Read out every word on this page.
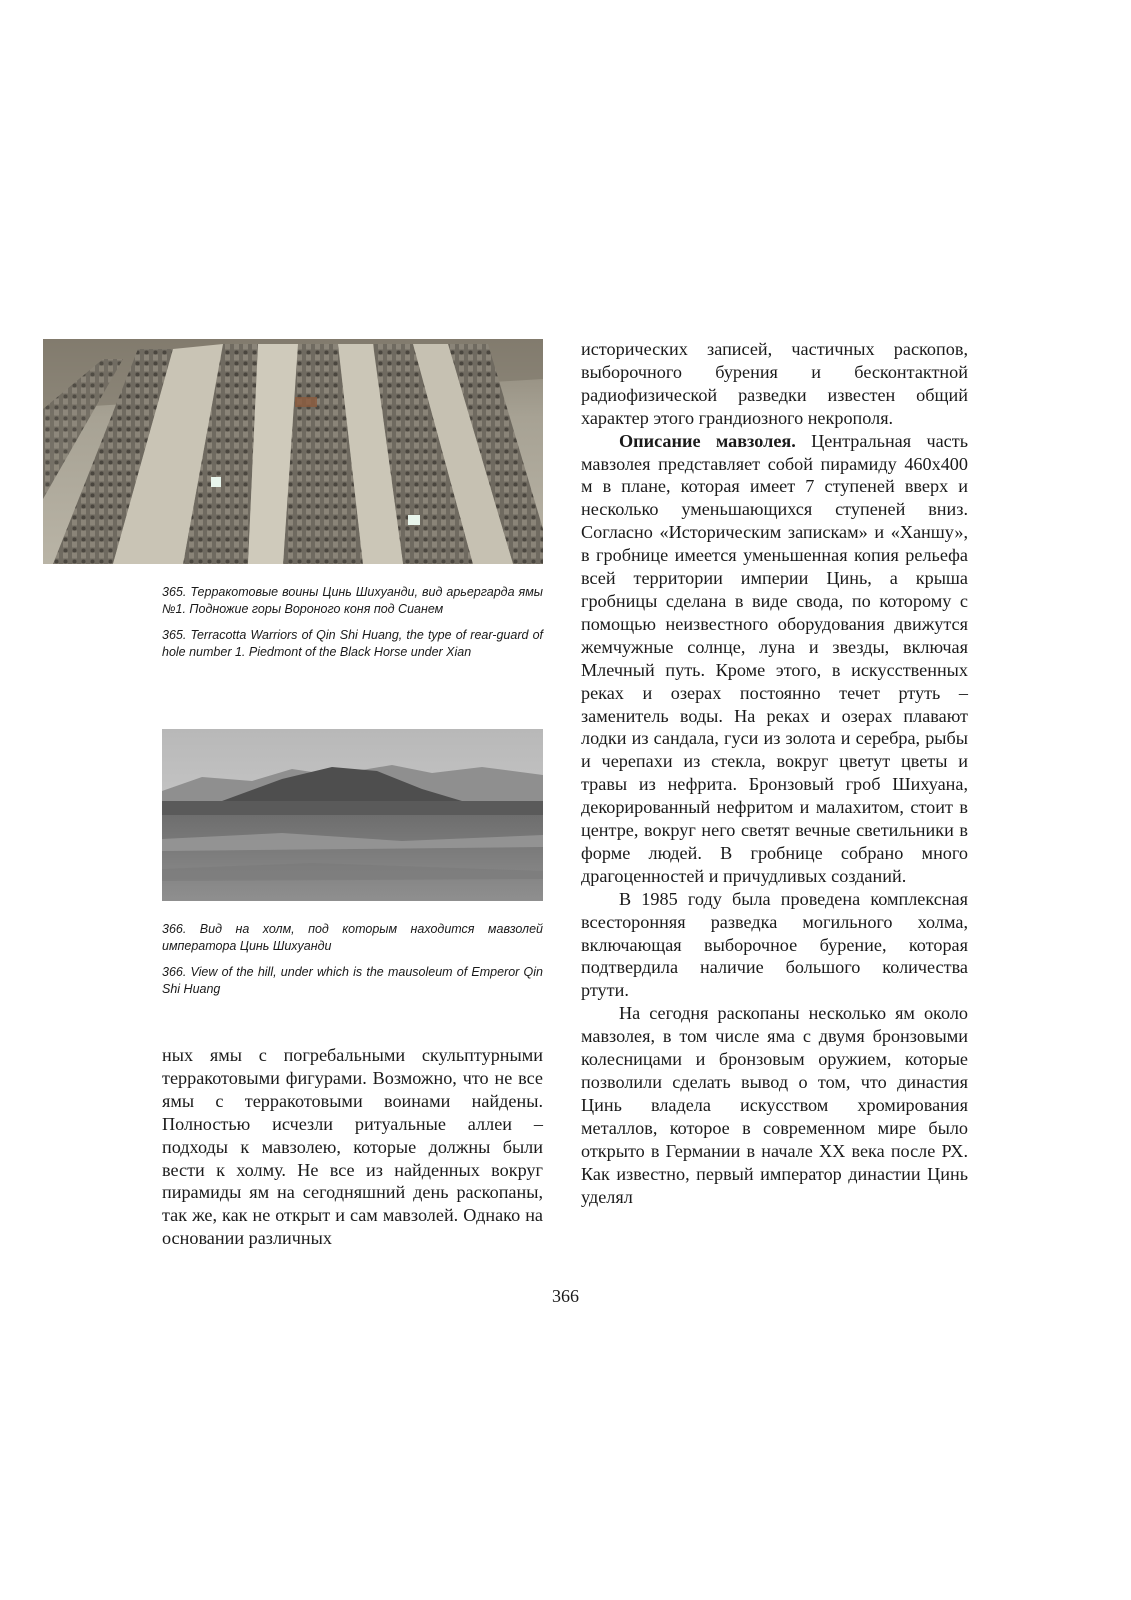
365. Терракотовые воины Цинь Шихуанди, вид арьергарда ямы №1. Подножие горы Вороного коня под Сианем

365. Terracotta Warriors of Qin Shi Huang, the type of rear-guard of hole number 1. Piedmont of the Black Horse under Xian

366. Вид на холм, под которым находится мавзолей императора Цинь Шихуанди

366. View of the hill, under which is the mausoleum of Emperor Qin Shi Huang

ных ямы с погребальными скульптурными терракотовыми фигурами. Возможно, что не все ямы с терракотовыми воинами найдены. Полностью исчезли ритуальные аллеи – подходы к мавзолею, которые должны были вести к холму. Не все из найденных вокруг пирамиды ям на сегодняшний день раскопаны, так же, как не открыт и сам мавзолей. Однако на основании различных

исторических записей, частичных раскопов, выборочного бурения и бесконтактной радиофизической разведки известен общий характер этого грандиозного некрополя.

Описание мавзолея. Центральная часть мавзолея представляет собой пирамиду 460x400 м в плане, которая имеет 7 ступеней вверх и несколько уменьшающихся ступеней вниз. Согласно «Историческим запискам» и «Ханшу», в гробнице имеется уменьшенная копия рельефа всей территории империи Цинь, а крыша гробницы сделана в виде свода, по которому с помощью неизвестного оборудования движутся жемчужные солнце, луна и звезды, включая Млечный путь. Кроме этого, в искусственных реках и озерах постоянно течет ртуть – заменитель воды. На реках и озерах плавают лодки из сандала, гуси из золота и серебра, рыбы и черепахи из стекла, вокруг цветут цветы и травы из нефрита. Бронзовый гроб Шихуана, декорированный нефритом и малахитом, стоит в центре, вокруг него светят вечные светильники в форме людей. В гробнице собрано много драгоценностей и причудливых созданий.

В 1985 году была проведена комплексная всесторонняя разведка могильного холма, включающая выборочное бурение, которая подтвердила наличие большого количества ртути.

На сегодня раскопаны несколько ям около мавзолея, в том числе яма с двумя бронзовыми колесницами и бронзовым оружием, которые позволили сделать вывод о том, что династия Цинь владела искусством хромирования металлов, которое в современном мире было открыто в Германии в начале XX века после РХ. Как известно, первый император династии Цинь уделял

366
